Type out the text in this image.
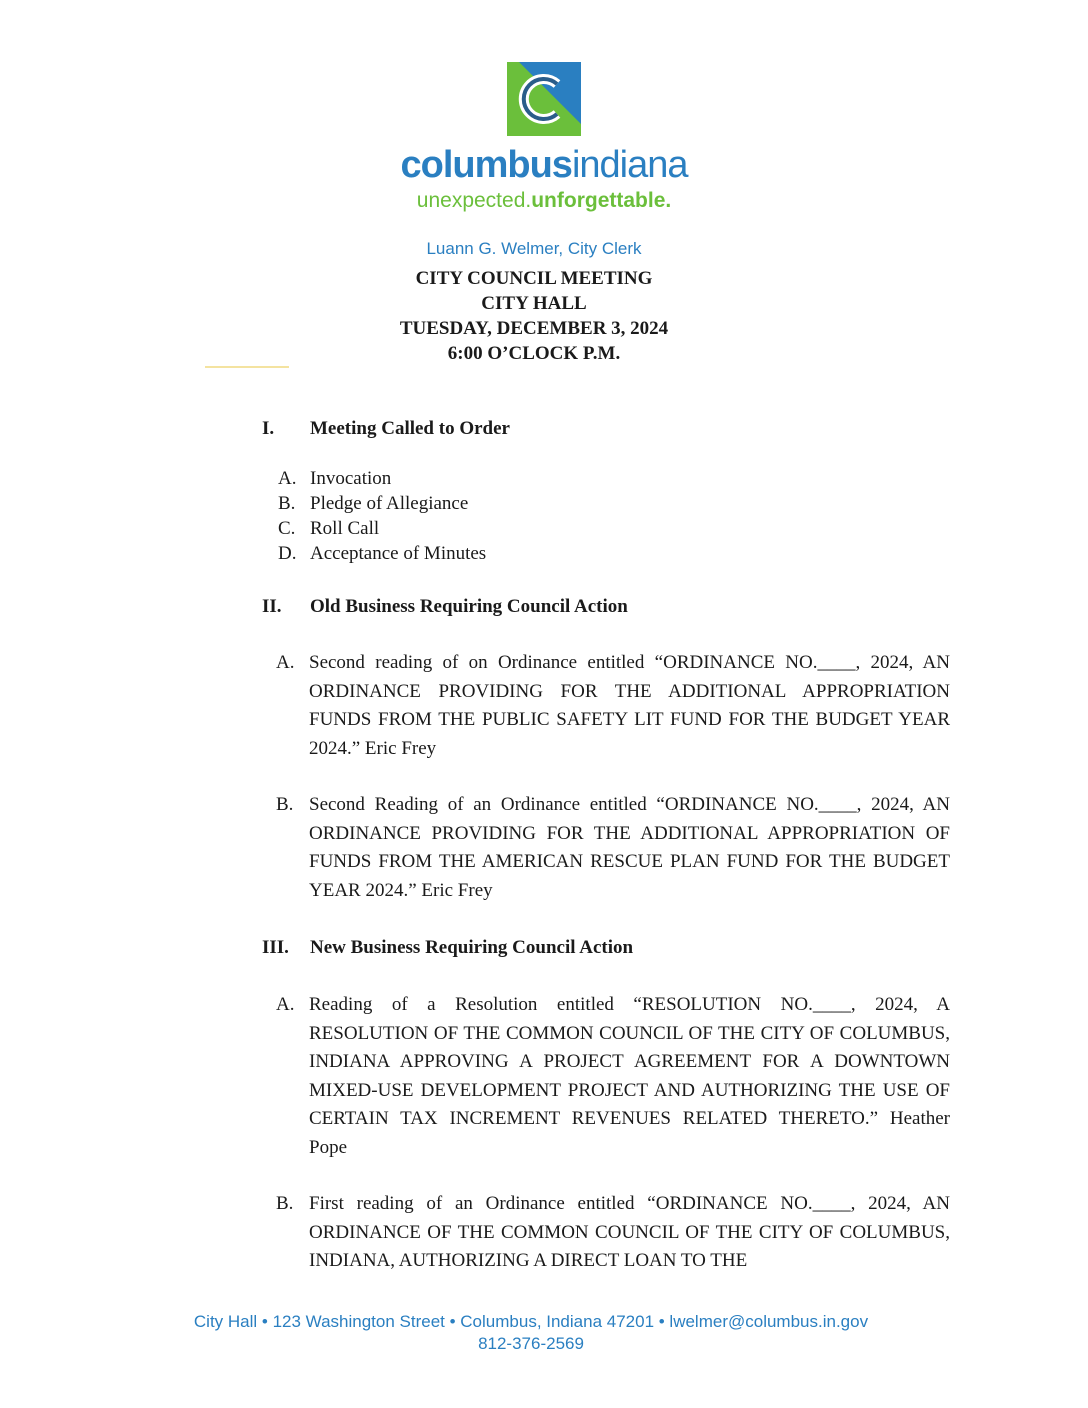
columbusindiana
unexpected.unforgettable.
Luann G. Welmer, City Clerk
CITY COUNCIL MEETING
CITY HALL
TUESDAY, DECEMBER 3, 2024
6:00 O’CLOCK P.M.
I. Meeting Called to Order
A. Invocation
B. Pledge of Allegiance
C. Roll Call
D. Acceptance of Minutes
II. Old Business Requiring Council Action
A. Second reading of on Ordinance entitled “ORDINANCE NO.____, 2024, AN ORDINANCE PROVIDING FOR THE ADDITIONAL APPROPRIATION FUNDS FROM THE PUBLIC SAFETY LIT FUND FOR THE BUDGET YEAR 2024.” Eric Frey
B. Second Reading of an Ordinance entitled “ORDINANCE NO.____, 2024, AN ORDINANCE PROVIDING FOR THE ADDITIONAL APPROPRIATION OF FUNDS FROM THE AMERICAN RESCUE PLAN FUND FOR THE BUDGET YEAR 2024.” Eric Frey
III. New Business Requiring Council Action
A. Reading of a Resolution entitled “RESOLUTION NO.____, 2024, A RESOLUTION OF THE COMMON COUNCIL OF THE CITY OF COLUMBUS, INDIANA APPROVING A PROJECT AGREEMENT FOR A DOWNTOWN MIXED-USE DEVELOPMENT PROJECT AND AUTHORIZING THE USE OF CERTAIN TAX INCREMENT REVENUES RELATED THERETO.” Heather Pope
B. First reading of an Ordinance entitled “ORDINANCE NO.____, 2024, AN ORDINANCE OF THE COMMON COUNCIL OF THE CITY OF COLUMBUS, INDIANA, AUTHORIZING A DIRECT LOAN TO THE
City Hall • 123 Washington Street • Columbus, Indiana 47201 • lwelmer@columbus.in.gov
812-376-2569
